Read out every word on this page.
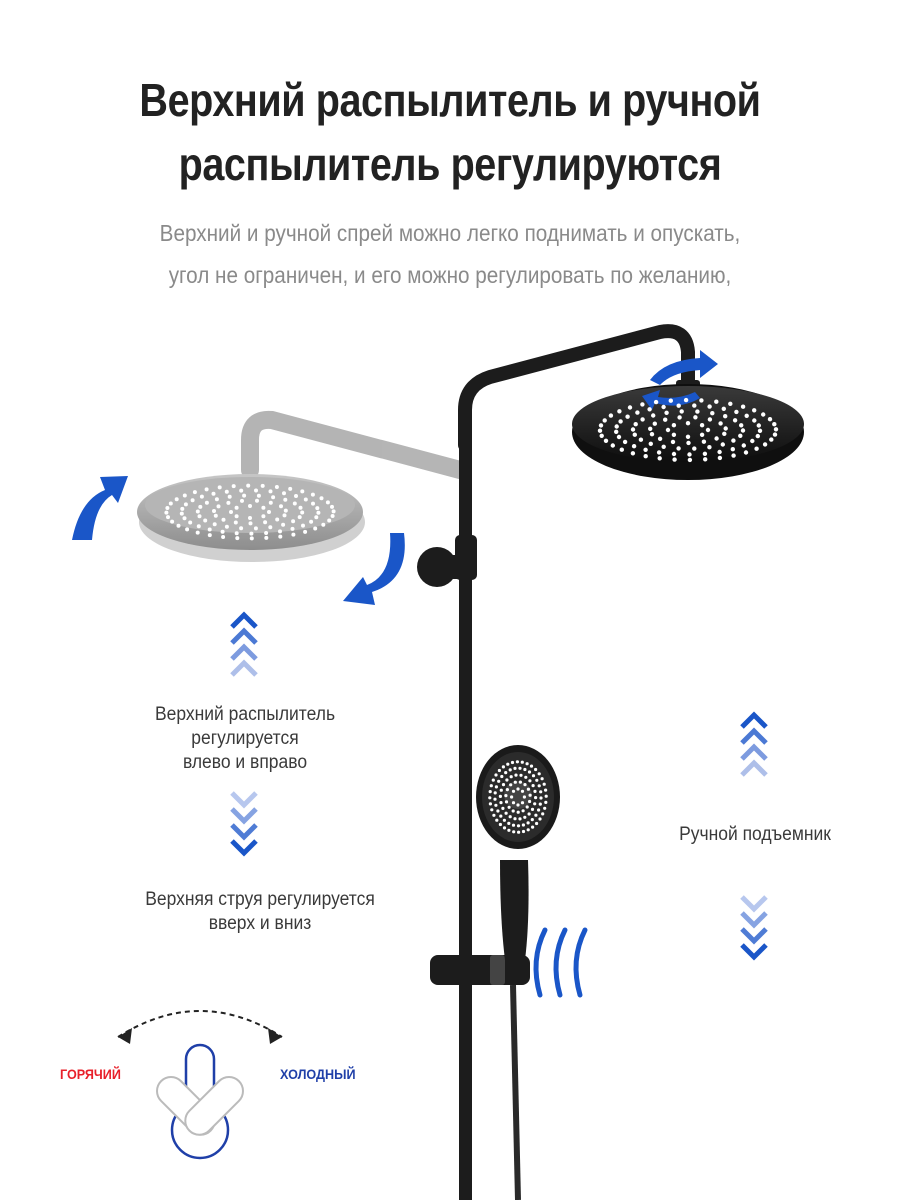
Верхний распылитель и ручной
распылитель регулируются
Верхний и ручной спрей можно легко поднимать и опускать,
угол не ограничен, и его можно регулировать по желанию,
Верхний распылитель
регулируется
влево и вправо
Верхняя струя регулируется
вверх и вниз
Ручной подъемник
ГОРЯЧИЙ	ХОЛОДНЫЙ
